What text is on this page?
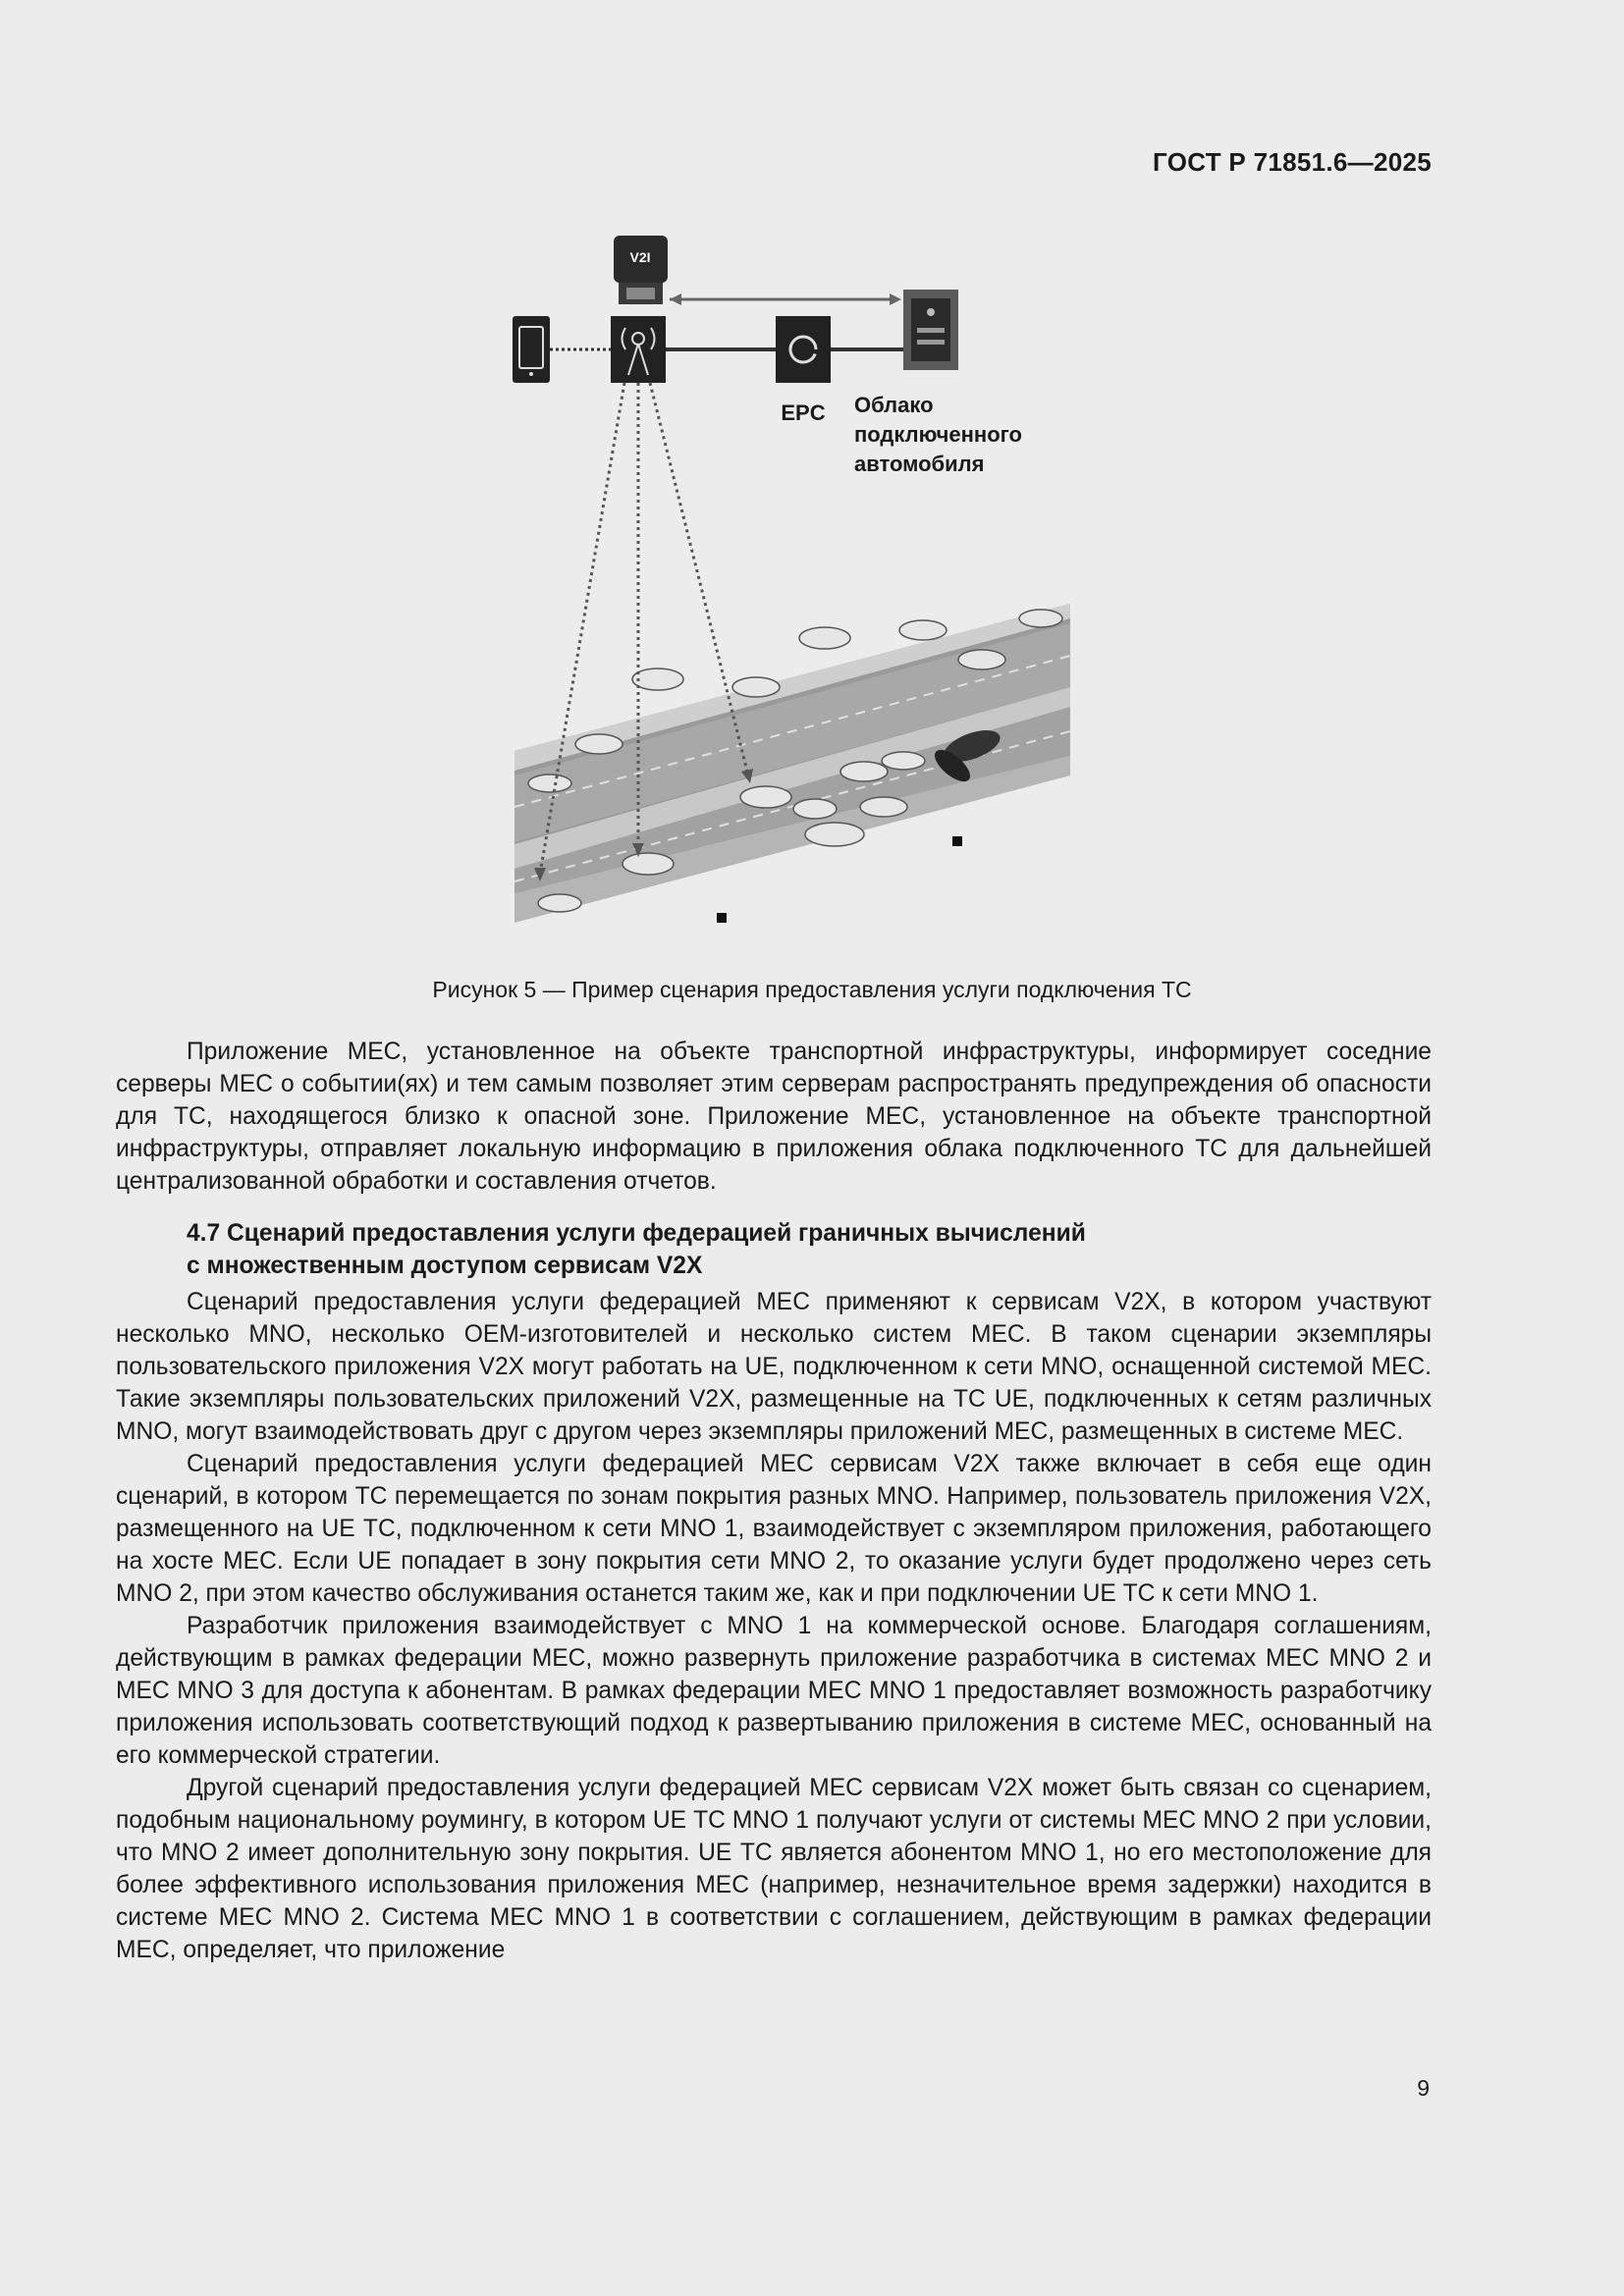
ГОСТ Р 71851.6—2025
V2I
EPC Облако подключенного автомобиля
Рисунок 5 — Пример сценария предоставления услуги подключения ТС

Приложение MEC, установленное на объекте транспортной инфраструктуры, информирует соседние серверы MEC о событии(ях) и тем самым позволяет этим серверам распространять предупреждения об опасности для ТС, находящегося близко к опасной зоне. Приложение MEC, установленное на объекте транспортной инфраструктуры, отправляет локальную информацию в приложения облака подключенного ТС для дальнейшей централизованной обработки и составления отчетов.

4.7 Сценарий предоставления услуги федерацией граничных вычислений
с множественным доступом сервисам V2X

Сценарий предоставления услуги федерацией MEC применяют к сервисам V2X, в котором участвуют несколько MNO, несколько OEM-изготовителей и несколько систем MEC. В таком сценарии экземпляры пользовательского приложения V2X могут работать на UE, подключенном к сети MNO, оснащенной системой MEC. Такие экземпляры пользовательских приложений V2X, размещенные на ТС UE, подключенных к сетям различных MNO, могут взаимодействовать друг с другом через экземпляры приложений MEC, размещенных в системе MEC.

Сценарий предоставления услуги федерацией MEC сервисам V2X также включает в себя еще один сценарий, в котором ТС перемещается по зонам покрытия разных MNO. Например, пользователь приложения V2X, размещенного на UE ТС, подключенном к сети MNO 1, взаимодействует с экземпляром приложения, работающего на хосте MEC. Если UE попадает в зону покрытия сети MNO 2, то оказание услуги будет продолжено через сеть MNO 2, при этом качество обслуживания останется таким же, как и при подключении UE ТС к сети MNO 1.

Разработчик приложения взаимодействует с MNO 1 на коммерческой основе. Благодаря соглашениям, действующим в рамках федерации MEC, можно развернуть приложение разработчика в системах MEC MNO 2 и MEC MNO 3 для доступа к абонентам. В рамках федерации MEC MNO 1 предоставляет возможность разработчику приложения использовать соответствующий подход к развертыванию приложения в системе MEC, основанный на его коммерческой стратегии.

Другой сценарий предоставления услуги федерацией MEC сервисам V2X может быть связан со сценарием, подобным национальному роумингу, в котором UE ТС MNO 1 получают услуги от системы MEC MNO 2 при условии, что MNO 2 имеет дополнительную зону покрытия. UE ТС является абонентом MNO 1, но его местоположение для более эффективного использования приложения MEC (например, незначительное время задержки) находится в системе MEC MNO 2. Система MEC MNO 1 в соответствии с соглашением, действующим в рамках федерации MEC, определяет, что приложение

9
